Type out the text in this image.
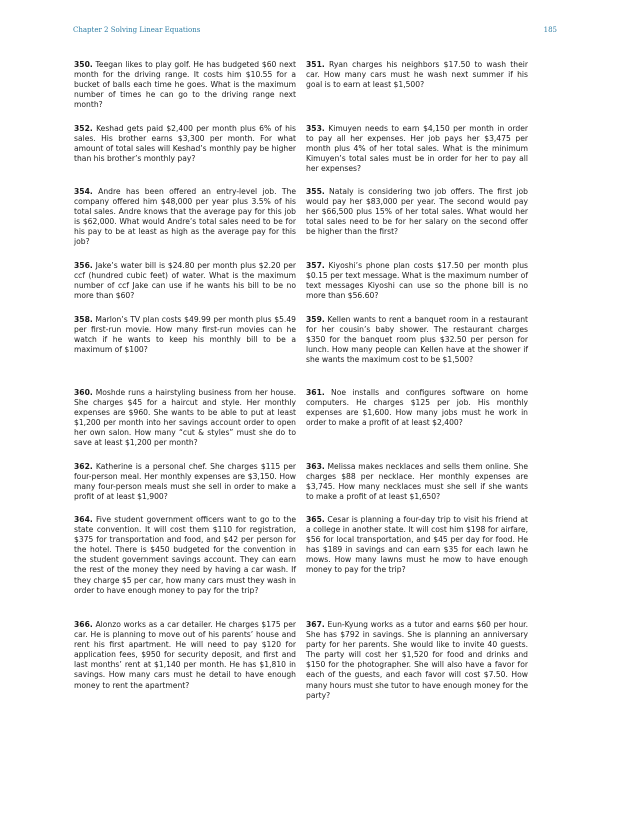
Chapter 2 Solving Linear Equations	185

350. Teegan likes to play golf. He has budgeted $60 next month for the driving range. It costs him $10.55 for a bucket of balls each time he goes. What is the maximum number of times he can go to the driving range next month?

351. Ryan charges his neighbors $17.50 to wash their car. How many cars must he wash next summer if his goal is to earn at least $1,500?

352. Keshad gets paid $2,400 per month plus 6% of his sales. His brother earns $3,300 per month. For what amount of total sales will Keshad’s monthly pay be higher than his brother’s monthly pay?

353. Kimuyen needs to earn $4,150 per month in order to pay all her expenses. Her job pays her $3,475 per month plus 4% of her total sales. What is the minimum Kimuyen’s total sales must be in order for her to pay all her expenses?

354. Andre has been offered an entry-level job. The company offered him $48,000 per year plus 3.5% of his total sales. Andre knows that the average pay for this job is $62,000. What would Andre’s total sales need to be for his pay to be at least as high as the average pay for this job?

355. Nataly is considering two job offers. The first job would pay her $83,000 per year. The second would pay her $66,500 plus 15% of her total sales. What would her total sales need to be for her salary on the second offer be higher than the first?

356. Jake’s water bill is $24.80 per month plus $2.20 per ccf (hundred cubic feet) of water. What is the maximum number of ccf Jake can use if he wants his bill to be no more than $60?

357. Kiyoshi’s phone plan costs $17.50 per month plus $0.15 per text message. What is the maximum number of text messages Kiyoshi can use so the phone bill is no more than $56.60?

358. Marlon’s TV plan costs $49.99 per month plus $5.49 per first-run movie. How many first-run movies can he watch if he wants to keep his monthly bill to be a maximum of $100?

359. Kellen wants to rent a banquet room in a restaurant for her cousin’s baby shower. The restaurant charges $350 for the banquet room plus $32.50 per person for lunch. How many people can Kellen have at the shower if she wants the maximum cost to be $1,500?

360. Moshde runs a hairstyling business from her house. She charges $45 for a haircut and style. Her monthly expenses are $960. She wants to be able to put at least $1,200 per month into her savings account order to open her own salon. How many “cut & styles” must she do to save at least $1,200 per month?

361. Noe installs and configures software on home computers. He charges $125 per job. His monthly expenses are $1,600. How many jobs must he work in order to make a profit of at least $2,400?

362. Katherine is a personal chef. She charges $115 per four-person meal. Her monthly expenses are $3,150. How many four-person meals must she sell in order to make a profit of at least $1,900?

363. Melissa makes necklaces and sells them online. She charges $88 per necklace. Her monthly expenses are $3,745. How many necklaces must she sell if she wants to make a profit of at least $1,650?

364. Five student government officers want to go to the state convention. It will cost them $110 for registration, $375 for transportation and food, and $42 per person for the hotel. There is $450 budgeted for the convention in the student government savings account. They can earn the rest of the money they need by having a car wash. If they charge $5 per car, how many cars must they wash in order to have enough money to pay for the trip?

365. Cesar is planning a four-day trip to visit his friend at a college in another state. It will cost him $198 for airfare, $56 for local transportation, and $45 per day for food. He has $189 in savings and can earn $35 for each lawn he mows. How many lawns must he mow to have enough money to pay for the trip?

366. Alonzo works as a car detailer. He charges $175 per car. He is planning to move out of his parents’ house and rent his first apartment. He will need to pay $120 for application fees, $950 for security deposit, and first and last months’ rent at $1,140 per month. He has $1,810 in savings. How many cars must he detail to have enough money to rent the apartment?

367. Eun-Kyung works as a tutor and earns $60 per hour. She has $792 in savings. She is planning an anniversary party for her parents. She would like to invite 40 guests. The party will cost her $1,520 for food and drinks and $150 for the photographer. She will also have a favor for each of the guests, and each favor will cost $7.50. How many hours must she tutor to have enough money for the party?
